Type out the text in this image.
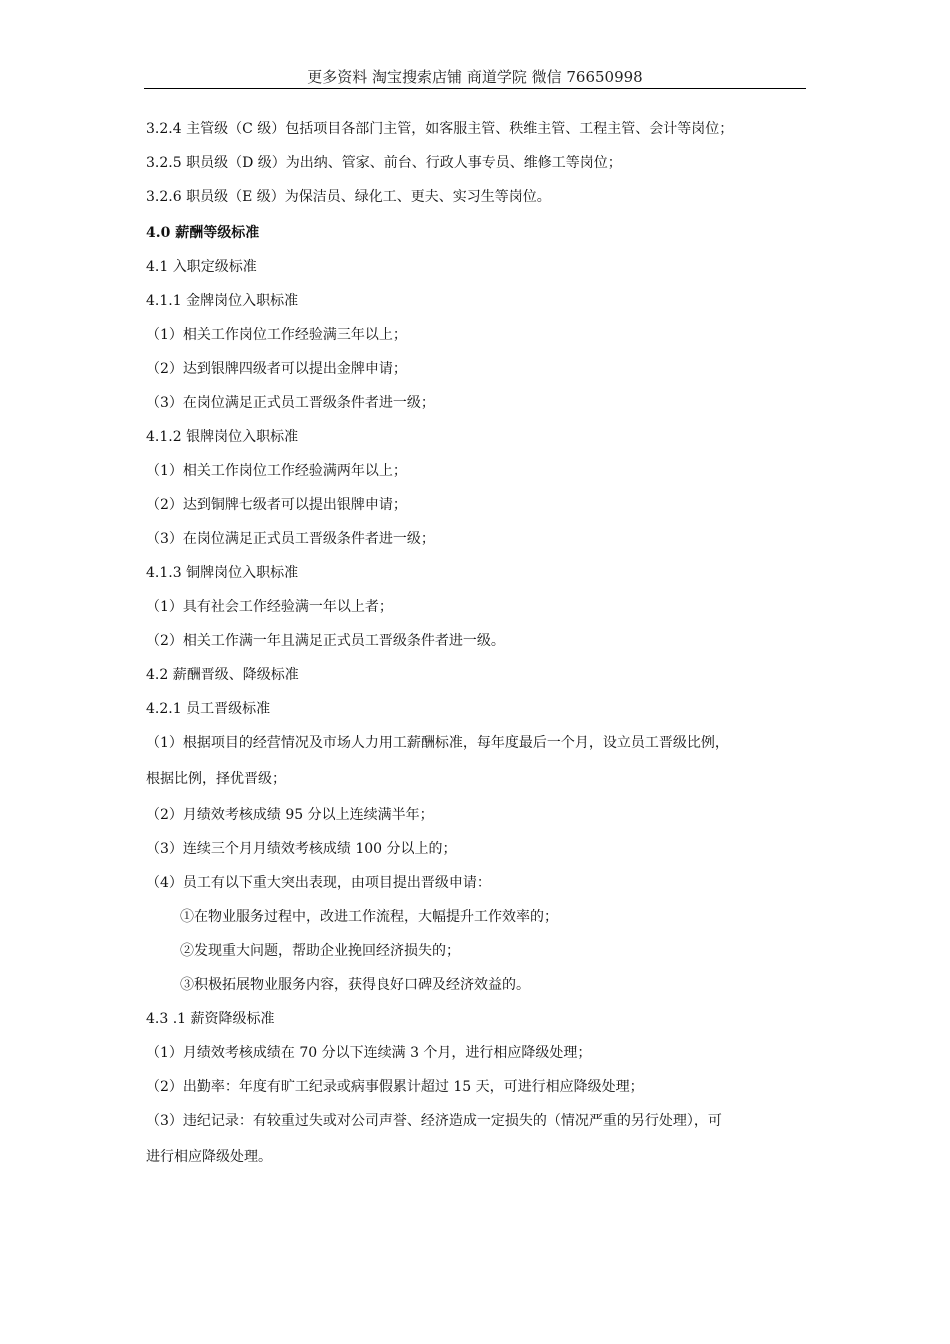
更多资料 淘宝搜索店铺 商道学院 微信 76650998
3.2.4 主管级（C 级）包括项目各部门主管，如客服主管、秩维主管、工程主管、会计等岗位；
3.2.5 职员级（D 级）为出纳、管家、前台、行政人事专员、维修工等岗位；
3.2.6 职员级（E 级）为保洁员、绿化工、更夫、实习生等岗位。
4.0 薪酬等级标准
4.1 入职定级标准
4.1.1 金牌岗位入职标准
（1）相关工作岗位工作经验满三年以上；
（2）达到银牌四级者可以提出金牌申请；
（3）在岗位满足正式员工晋级条件者进一级；
4.1.2 银牌岗位入职标准
（1）相关工作岗位工作经验满两年以上；
（2）达到铜牌七级者可以提出银牌申请；
（3）在岗位满足正式员工晋级条件者进一级；
4.1.3 铜牌岗位入职标准
（1）具有社会工作经验满一年以上者；
（2）相关工作满一年且满足正式员工晋级条件者进一级。
4.2 薪酬晋级、降级标准
4.2.1 员工晋级标准
（1）根据项目的经营情况及市场人力用工薪酬标准，每年度最后一个月，设立员工晋级比例，
根据比例，择优晋级；
（2）月绩效考核成绩 95 分以上连续满半年；
（3）连续三个月月绩效考核成绩 100 分以上的；
（4）员工有以下重大突出表现，由项目提出晋级申请：
①在物业服务过程中，改进工作流程，大幅提升工作效率的；
②发现重大问题，帮助企业挽回经济损失的；
③积极拓展物业服务内容，获得良好口碑及经济效益的。
4.3 .1 薪资降级标准
（1）月绩效考核成绩在 70 分以下连续满 3 个月，进行相应降级处理；
（2）出勤率：年度有旷工纪录或病事假累计超过 15 天，可进行相应降级处理；
（3）违纪记录：有较重过失或对公司声誉、经济造成一定损失的（情况严重的另行处理），可
进行相应降级处理。
